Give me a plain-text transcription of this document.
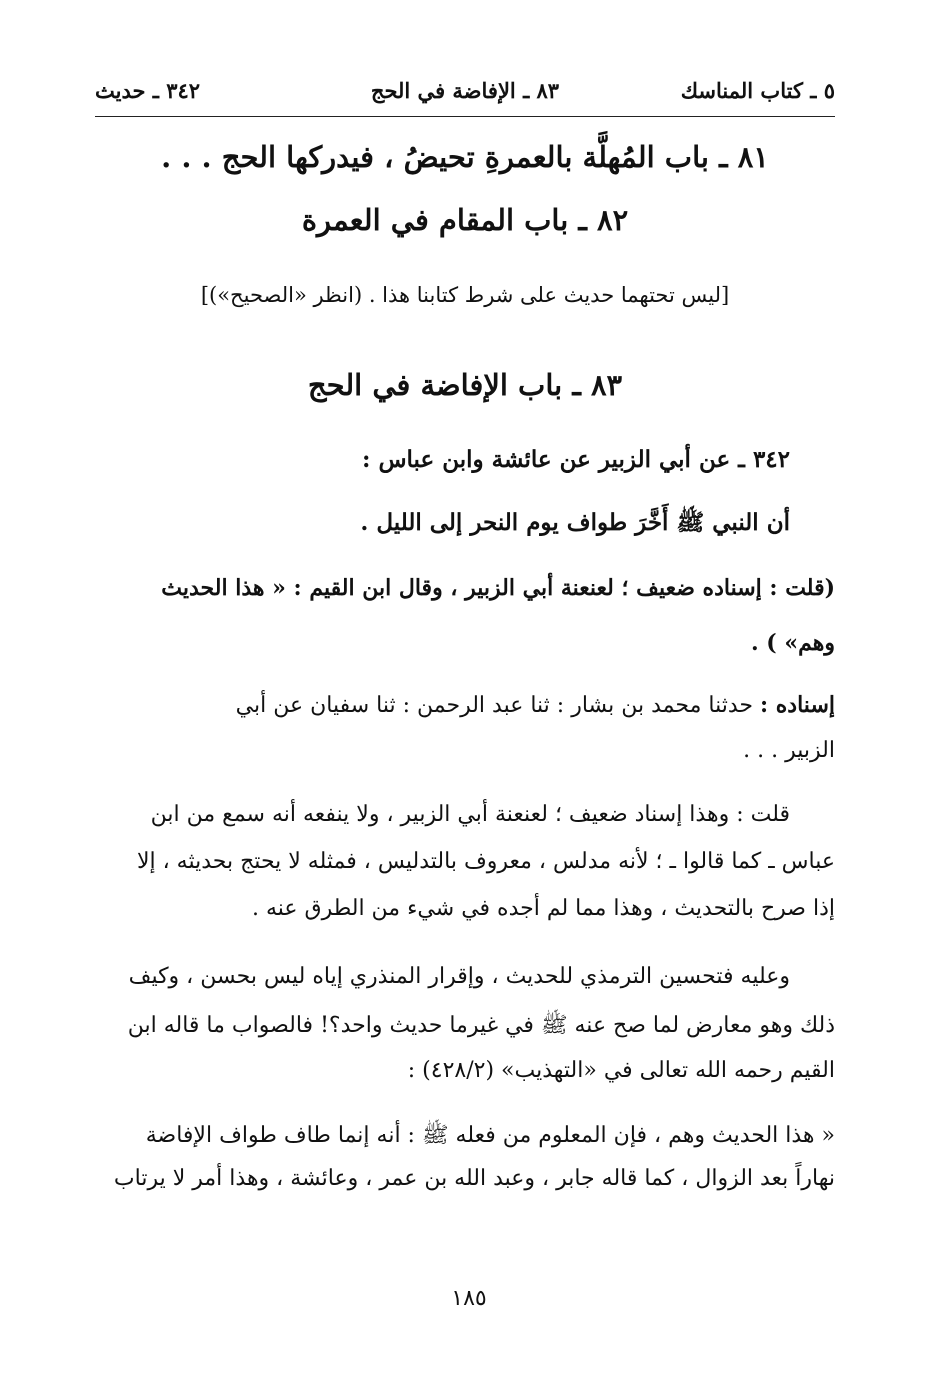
٥ ـ كتاب المناسك
٨٣ ـ الإفاضة في الحج
٣٤٢ ـ حديث
٨١ ـ باب المُهلَّة بالعمرةِ تحيضُ ، فيدركها الحج . . .
٨٢ ـ باب المقام في العمرة
[ليس تحتهما حديث على شرط كتابنا هذا . (انظر «الصحيح»)]
٨٣ ـ باب الإفاضة في الحج
٣٤٢ ـ عن أبي الزبير عن عائشة وابن عباس :
أن النبي ﷺ أَخَّرَ طواف يوم النحر إلى الليل .
(قلت : إسناده ضعيف ؛ لعنعنة أبي الزبير ، وقال ابن القيم : « هذا الحديث
وهم» ) .
إسناده : حدثنا محمد بن بشار : ثنا عبد الرحمن : ثنا سفيان عن أبي
الزبير . . .
قلت : وهذا إسناد ضعيف ؛ لعنعنة أبي الزبير ، ولا ينفعه أنه سمع من ابن
عباس ـ كما قالوا ـ ؛ لأنه مدلس ، معروف بالتدليس ، فمثله لا يحتج بحديثه ، إلا
إذا صرح بالتحديث ، وهذا مما لم أجده في شيء من الطرق عنه .
وعليه فتحسين الترمذي للحديث ، وإقرار المنذري إياه ليس بحسن ، وكيف
ذلك وهو معارض لما صح عنه ﷺ في غيرما حديث واحد؟! فالصواب ما قاله ابن
القيم رحمه الله تعالى في «التهذيب» (٤٢٨/٢) :
« هذا الحديث وهم ، فإن المعلوم من فعله ﷺ : أنه إنما طاف طواف الإفاضة
نهاراً بعد الزوال ، كما قاله جابر ، وعبد الله بن عمر ، وعائشة ، وهذا أمر لا يرتاب
١٨٥
